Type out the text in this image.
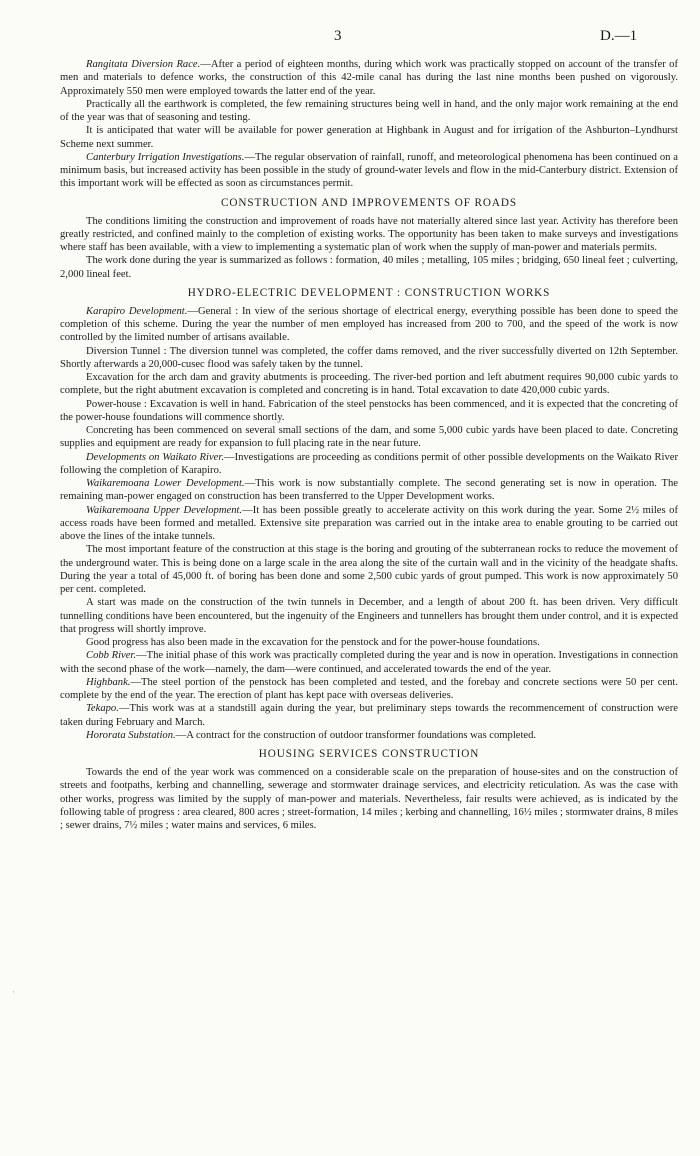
3	D.—1
·

Rangitata Diversion Race.—After a period of eighteen months, during which work was practically stopped on account of the transfer of men and materials to defence works, the construction of this 42-mile canal has during the last nine months been pushed on vigorously. Approximately 550 men were employed towards the latter end of the year.

Practically all the earthwork is completed, the few remaining structures being well in hand, and the only major work remaining at the end of the year was that of seasoning and testing.

It is anticipated that water will be available for power generation at Highbank in August and for irrigation of the Ashburton–Lyndhurst Scheme next summer.

Canterbury Irrigation Investigations.—The regular observation of rainfall, runoff, and meteorological phenomena has been continued on a minimum basis, but increased activity has been possible in the study of ground-water levels and flow in the mid-Canterbury district. Extension of this important work will be effected as soon as circumstances permit.

CONSTRUCTION AND IMPROVEMENTS OF ROADS

The conditions limiting the construction and improvement of roads have not materially altered since last year. Activity has therefore been greatly restricted, and confined mainly to the completion of existing works. The opportunity has been taken to make surveys and investigations where staff has been available, with a view to implementing a systematic plan of work when the supply of man-power and materials permits.

The work done during the year is summarized as follows : formation, 40 miles ; metalling, 105 miles ; bridging, 650 lineal feet ; culverting, 2,000 lineal feet.

HYDRO-ELECTRIC DEVELOPMENT : CONSTRUCTION WORKS

Karapiro Development.—General : In view of the serious shortage of electrical energy, everything possible has been done to speed the completion of this scheme. During the year the number of men employed has increased from 200 to 700, and the speed of the work is now controlled by the limited number of artisans available.

Diversion Tunnel : The diversion tunnel was completed, the coffer dams removed, and the river successfully diverted on 12th September. Shortly afterwards a 20,000-cusec flood was safely taken by the tunnel.

Excavation for the arch dam and gravity abutments is proceeding. The river-bed portion and left abutment requires 90,000 cubic yards to complete, but the right abutment excavation is completed and concreting is in hand. Total excavation to date 420,000 cubic yards.

Power-house : Excavation is well in hand. Fabrication of the steel penstocks has been commenced, and it is expected that the concreting of the power-house foundations will commence shortly.

Concreting has been commenced on several small sections of the dam, and some 5,000 cubic yards have been placed to date. Concreting supplies and equipment are ready for expansion to full placing rate in the near future.

Developments on Waikato River.—Investigations are proceeding as conditions permit of other possible developments on the Waikato River following the completion of Karapiro.

Waikaremoana Lower Development.—This work is now substantially complete. The second generating set is now in operation. The remaining man-power engaged on construction has been transferred to the Upper Development works.

Waikaremoana Upper Development.—It has been possible greatly to accelerate activity on this work during the year. Some 2½ miles of access roads have been formed and metalled. Extensive site preparation was carried out in the intake area to enable grouting to be carried out above the lines of the intake tunnels.

The most important feature of the construction at this stage is the boring and grouting of the subterranean rocks to reduce the movement of the underground water. This is being done on a large scale in the area along the site of the curtain wall and in the vicinity of the headgate shafts. During the year a total of 45,000 ft. of boring has been done and some 2,500 cubic yards of grout pumped. This work is now approximately 50 per cent. completed.

A start was made on the construction of the twin tunnels in December, and a length of about 200 ft. has been driven. Very difficult tunnelling conditions have been encountered, but the ingenuity of the Engineers and tunnellers has brought them under control, and it is expected that progress will shortly improve.

Good progress has also been made in the excavation for the penstock and for the power-house foundations.

Cobb River.—The initial phase of this work was practically completed during the year and is now in operation. Investigations in connection with the second phase of the work—namely, the dam—were continued, and accelerated towards the end of the year.

Highbank.—The steel portion of the penstock has been completed and tested, and the forebay and concrete sections were 50 per cent. complete by the end of the year. The erection of plant has kept pace with overseas deliveries.

Tekapo.—This work was at a standstill again during the year, but preliminary steps towards the recommencement of construction were taken during February and March.

Hororata Substation.—A contract for the construction of outdoor transformer foundations was completed.

HOUSING SERVICES CONSTRUCTION

Towards the end of the year work was commenced on a considerable scale on the preparation of house-sites and on the construction of streets and footpaths, kerbing and channelling, sewerage and stormwater drainage services, and electricity reticulation. As was the case with other works, progress was limited by the supply of man-power and materials. Nevertheless, fair results were achieved, as is indicated by the following table of progress : area cleared, 800 acres ; street-formation, 14 miles ; kerbing and channelling, 16½ miles ; stormwater drains, 8 miles ; sewer drains, 7½ miles ; water mains and services, 6 miles.
